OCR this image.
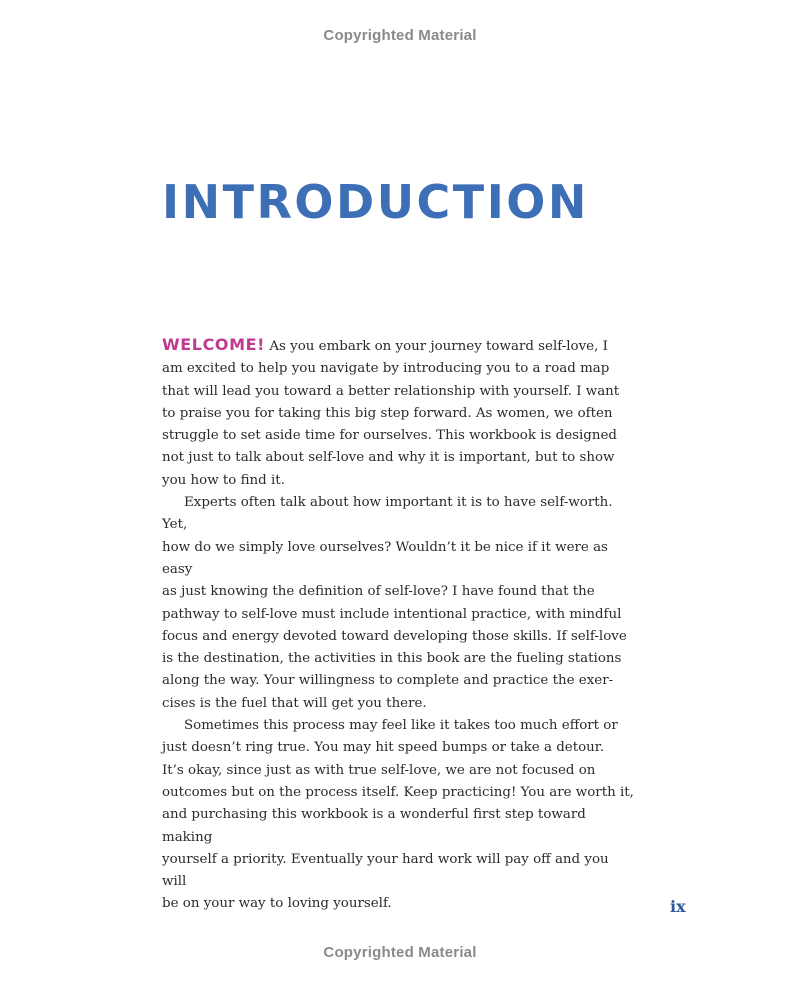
Copyrighted Material
INTRODUCTION

WELCOME! As you embark on your journey toward self-love, I
am excited to help you navigate by introducing you to a road map
that will lead you toward a better relationship with yourself. I want
to praise you for taking this big step forward. As women, we often
struggle to set aside time for ourselves. This workbook is designed
not just to talk about self-love and why it is important, but to show
you how to find it.

Experts often talk about how important it is to have self-worth. Yet,
how do we simply love ourselves? Wouldn’t it be nice if it were as easy
as just knowing the definition of self-love? I have found that the
pathway to self-love must include intentional practice, with mindful
focus and energy devoted toward developing those skills. If self-love
is the destination, the activities in this book are the fueling stations
along the way. Your willingness to complete and practice the exer-
cises is the fuel that will get you there.

Sometimes this process may feel like it takes too much effort or
just doesn’t ring true. You may hit speed bumps or take a detour.
It’s okay, since just as with true self-love, we are not focused on
outcomes but on the process itself. Keep practicing! You are worth it,
and purchasing this workbook is a wonderful first step toward making
yourself a priority. Eventually your hard work will pay off and you will
be on your way to loving yourself.	ix
Copyrighted Material
